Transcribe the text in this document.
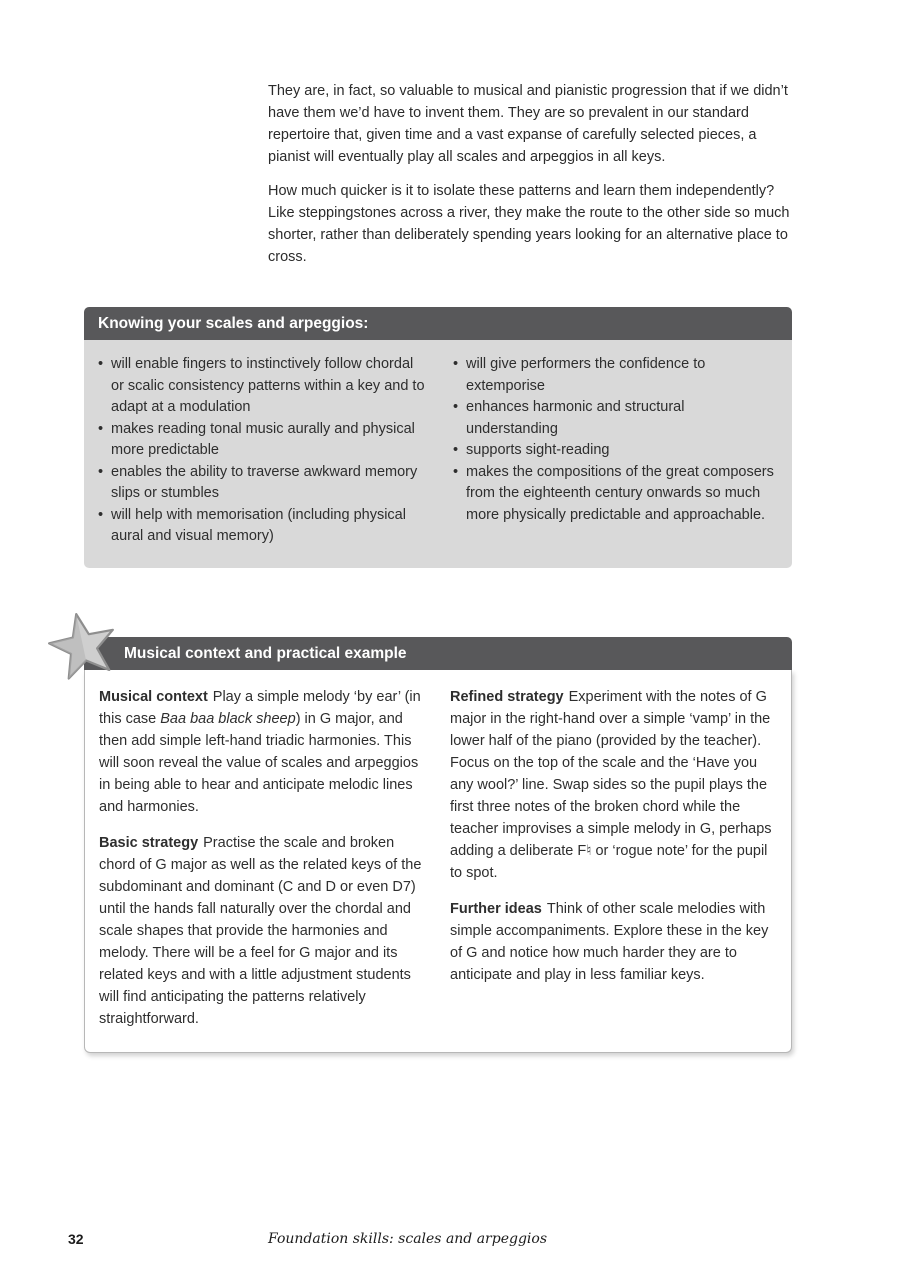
They are, in fact, so valuable to musical and pianistic progression that if we didn’t have them we’d have to invent them. They are so prevalent in our standard repertoire that, given time and a vast expanse of carefully selected pieces, a pianist will eventually play all scales and arpeggios in all keys.

How much quicker is it to isolate these patterns and learn them independently? Like steppingstones across a river, they make the route to the other side so much shorter, rather than deliberately spending years looking for an alternative place to cross.

Knowing your scales and arpeggios:
• will enable fingers to instinctively follow chordal or scalic consistency patterns within a key and to adapt at a modulation
• makes reading tonal music aurally and physical more predictable
• enables the ability to traverse awkward memory slips or stumbles
• will help with memorisation (including physical aural and visual memory)
• will give performers the confidence to extemporise
• enhances harmonic and structural understanding
• supports sight-reading
• makes the compositions of the great composers from the eighteenth century onwards so much more physically predictable and approachable.
Musical context and practical example

Musical context Play a simple melody ‘by ear’ (in this case Baa baa black sheep) in G major, and then add simple left-hand triadic harmonies. This will soon reveal the value of scales and arpeggios in being able to hear and anticipate melodic lines and harmonies.

Basic strategy Practise the scale and broken chord of G major as well as the related keys of the subdominant and dominant (C and D or even D7) until the hands fall naturally over the chordal and scale shapes that provide the harmonies and melody. There will be a feel for G major and its related keys and with a little adjustment students will find anticipating the patterns relatively straightforward.

Refined strategy Experiment with the notes of G major in the right-hand over a simple ‘vamp’ in the lower half of the piano (provided by the teacher). Focus on the top of the scale and the ‘Have you any wool?’ line. Swap sides so the pupil plays the first three notes of the broken chord while the teacher improvises a simple melody in G, perhaps adding a deliberate F♮ or ‘rogue note’ for the pupil to spot.

Further ideas Think of other scale melodies with simple accompaniments. Explore these in the key of G and notice how much harder they are to anticipate and play in less familiar keys.

32	Foundation skills: scales and arpeggios
